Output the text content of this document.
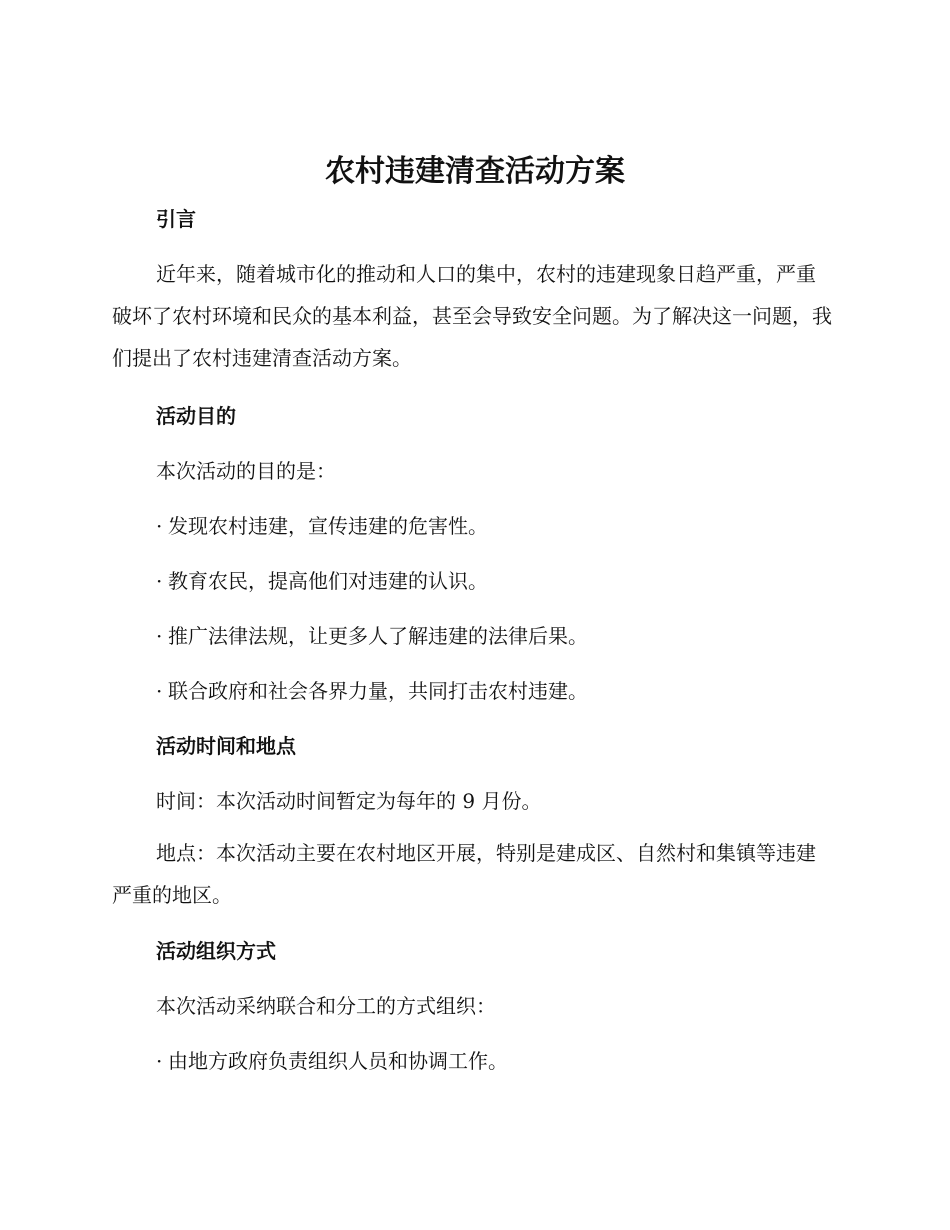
农村违建清查活动方案

引言

近年来，随着城市化的推动和人口的集中，农村的违建现象日趋严重，严重破坏了农村环境和民众的基本利益，甚至会导致安全问题。为了解决这一问题，我们提出了农村违建清查活动方案。

活动目的

本次活动的目的是：

· 发现农村违建，宣传违建的危害性。

· 教育农民，提高他们对违建的认识。

· 推广法律法规，让更多人了解违建的法律后果。

· 联合政府和社会各界力量，共同打击农村违建。

活动时间和地点

时间：本次活动时间暂定为每年的 9 月份。

地点：本次活动主要在农村地区开展，特别是建成区、自然村和集镇等违建严重的地区。

活动组织方式

本次活动采纳联合和分工的方式组织：

· 由地方政府负责组织人员和协调工作。
